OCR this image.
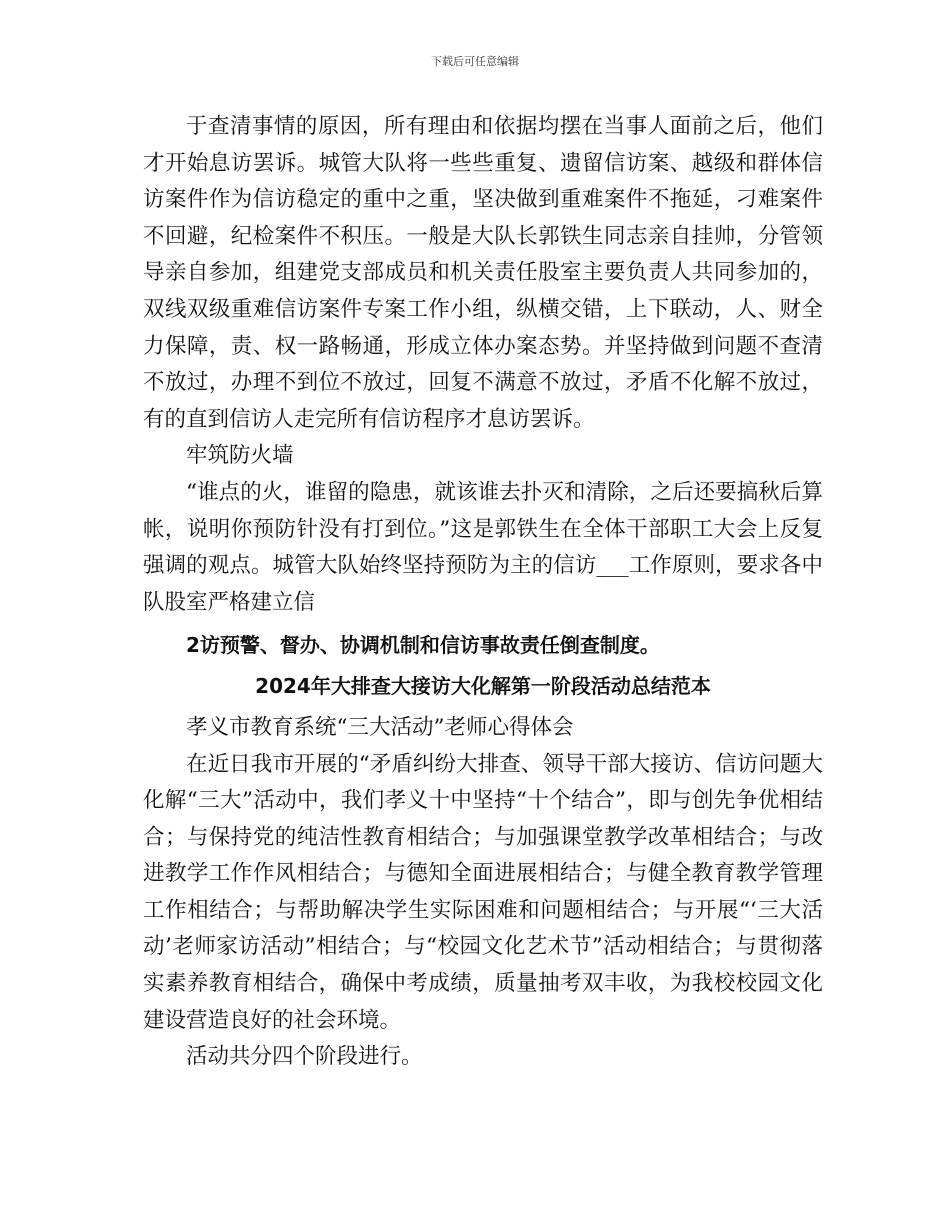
下载后可任意编辑

于查清事情的原因，所有理由和依据均摆在当事人面前之后，他们才开始息访罢诉。城管大队将一些些重复、遗留信访案、越级和群体信访案件作为信访稳定的重中之重，坚决做到重难案件不拖延，刁难案件不回避，纪检案件不积压。一般是大队长郭铁生同志亲自挂帅，分管领导亲自参加，组建党支部成员和机关责任股室主要负责人共同参加的，双线双级重难信访案件专案工作小组，纵横交错，上下联动，人、财全力保障，责、权一路畅通，形成立体办案态势。并坚持做到问题不查清不放过，办理不到位不放过，回复不满意不放过，矛盾不化解不放过，有的直到信访人走完所有信访程序才息访罢诉。

牢筑防火墙

“谁点的火，谁留的隐患，就该谁去扑灭和清除，之后还要搞秋后算帐，说明你预防针没有打到位。”这是郭铁生在全体干部职工大会上反复强调的观点。城管大队始终坚持预防为主的信访___工作原则，要求各中队股室严格建立信

2访预警、督办、协调机制和信访事故责任倒查制度。

2024年大排查大接访大化解第一阶段活动总结范本

孝义市教育系统“三大活动”老师心得体会

在近日我市开展的“矛盾纠纷大排查、领导干部大接访、信访问题大化解“三大”活动中，我们孝义十中坚持“十个结合”，即与创先争优相结合；与保持党的纯洁性教育相结合；与加强课堂教学改革相结合；与改进教学工作作风相结合；与德知全面进展相结合；与健全教育教学管理工作相结合；与帮助解决学生实际困难和问题相结合；与开展“‘三大活动’老师家访活动”相结合；与“校园文化艺术节”活动相结合；与贯彻落实素养教育相结合，确保中考成绩，质量抽考双丰收，为我校校园文化建设营造良好的社会环境。

活动共分四个阶段进行。
